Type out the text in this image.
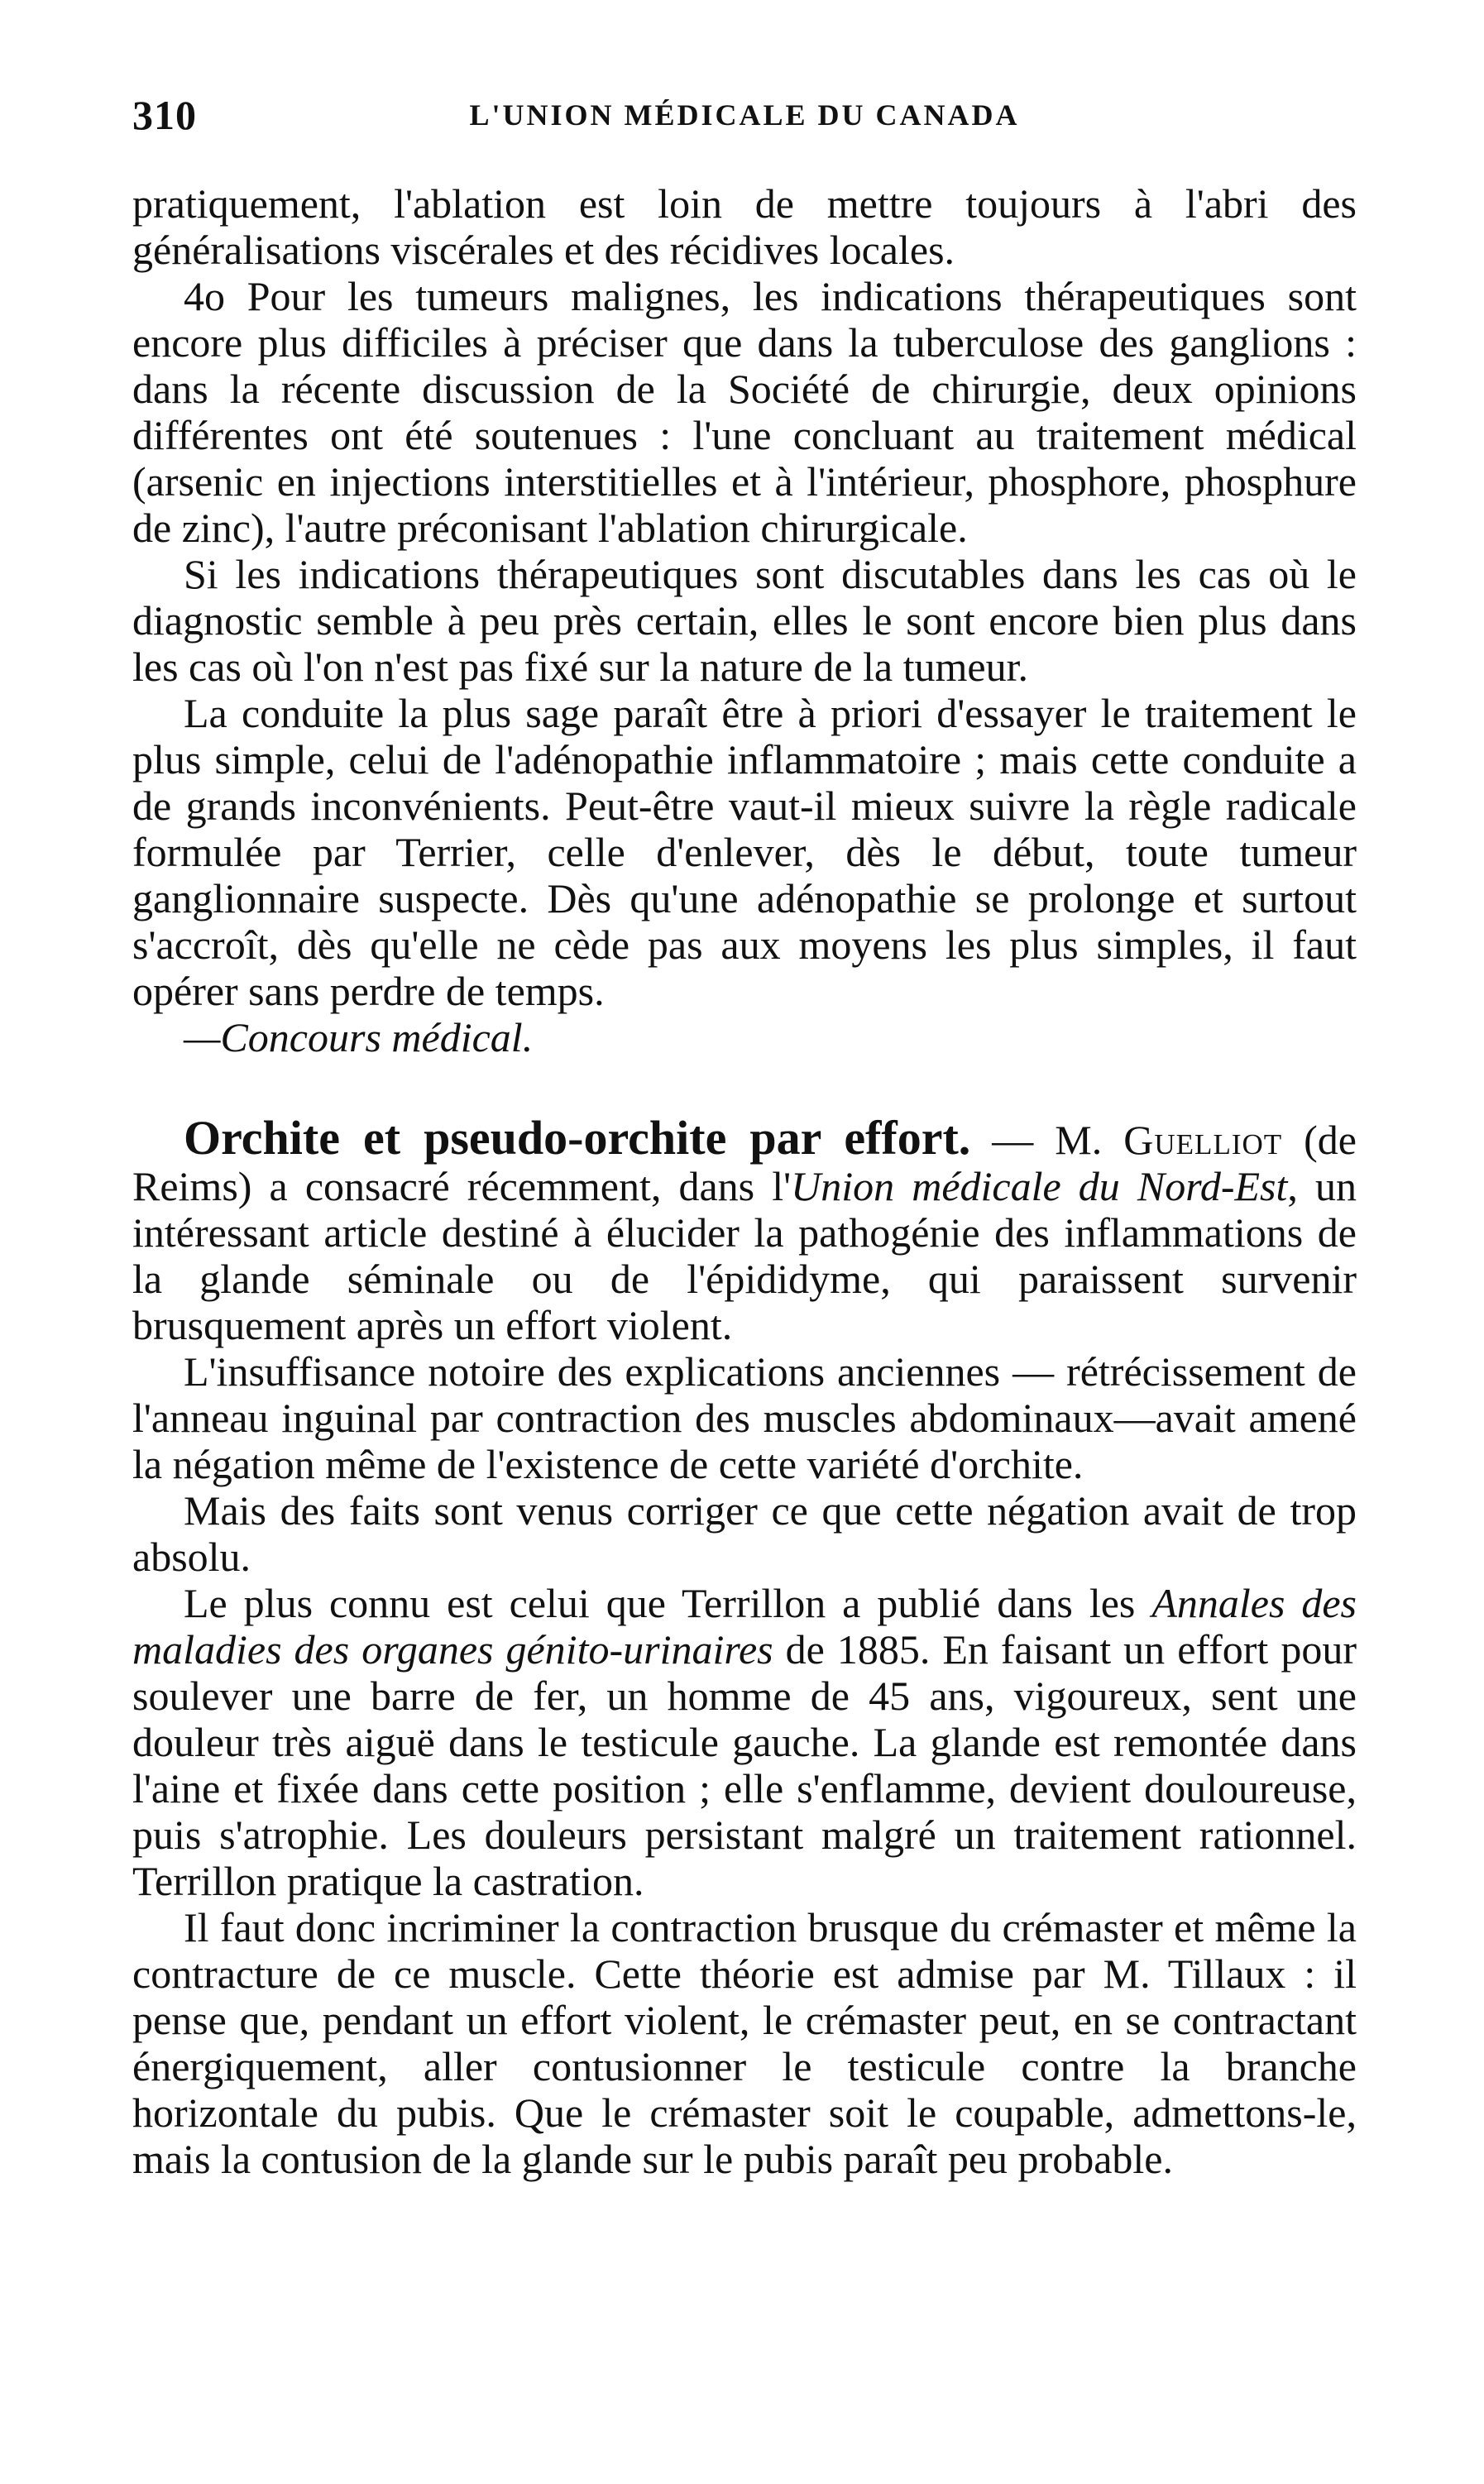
310	L'UNION MÉDICALE DU CANADA

pratiquement, l'ablation est loin de mettre toujours à l'abri des généralisations viscérales et des récidives locales.

4o Pour les tumeurs malignes, les indications thérapeutiques sont encore plus difficiles à préciser que dans la tuberculose des ganglions : dans la récente discussion de la Société de chirurgie, deux opinions différentes ont été soutenues : l'une concluant au traitement médical (arsenic en injections interstitielles et à l'intérieur, phosphore, phosphure de zinc), l'autre préconisant l'ablation chirurgicale.

Si les indications thérapeutiques sont discutables dans les cas où le diagnostic semble à peu près certain, elles le sont encore bien plus dans les cas où l'on n'est pas fixé sur la nature de la tumeur.

La conduite la plus sage paraît être à priori d'essayer le traitement le plus simple, celui de l'adénopathie inflammatoire ; mais cette conduite a de grands inconvénients. Peut-être vaut-il mieux suivre la règle radicale formulée par Terrier, celle d'enlever, dès le début, toute tumeur ganglionnaire suspecte. Dès qu'une adénopathie se prolonge et surtout s'accroît, dès qu'elle ne cède pas aux moyens les plus simples, il faut opérer sans perdre de temps.

—Concours médical.

Orchite et pseudo-orchite par effort. — M. Guelliot (de Reims) a consacré récemment, dans l'Union médicale du Nord-Est, un intéressant article destiné à élucider la pathogénie des inflammations de la glande séminale ou de l'épididyme, qui paraissent survenir brusquement après un effort violent.

L'insuffisance notoire des explications anciennes — rétrécissement de l'anneau inguinal par contraction des muscles abdominaux—avait amené la négation même de l'existence de cette variété d'orchite.

Mais des faits sont venus corriger ce que cette négation avait de trop absolu.

Le plus connu est celui que Terrillon a publié dans les Annales des maladies des organes génito-urinaires de 1885. En faisant un effort pour soulever une barre de fer, un homme de 45 ans, vigoureux, sent une douleur très aiguë dans le testicule gauche. La glande est remontée dans l'aine et fixée dans cette position ; elle s'enflamme, devient douloureuse, puis s'atrophie. Les douleurs persistant malgré un traitement rationnel. Terrillon pratique la castration.

Il faut donc incriminer la contraction brusque du crémaster et même la contracture de ce muscle. Cette théorie est admise par M. Tillaux : il pense que, pendant un effort violent, le crémaster peut, en se contractant énergiquement, aller contusionner le testicule contre la branche horizontale du pubis. Que le crémaster soit le coupable, admettons-le, mais la contusion de la glande sur le pubis paraît peu probable.
